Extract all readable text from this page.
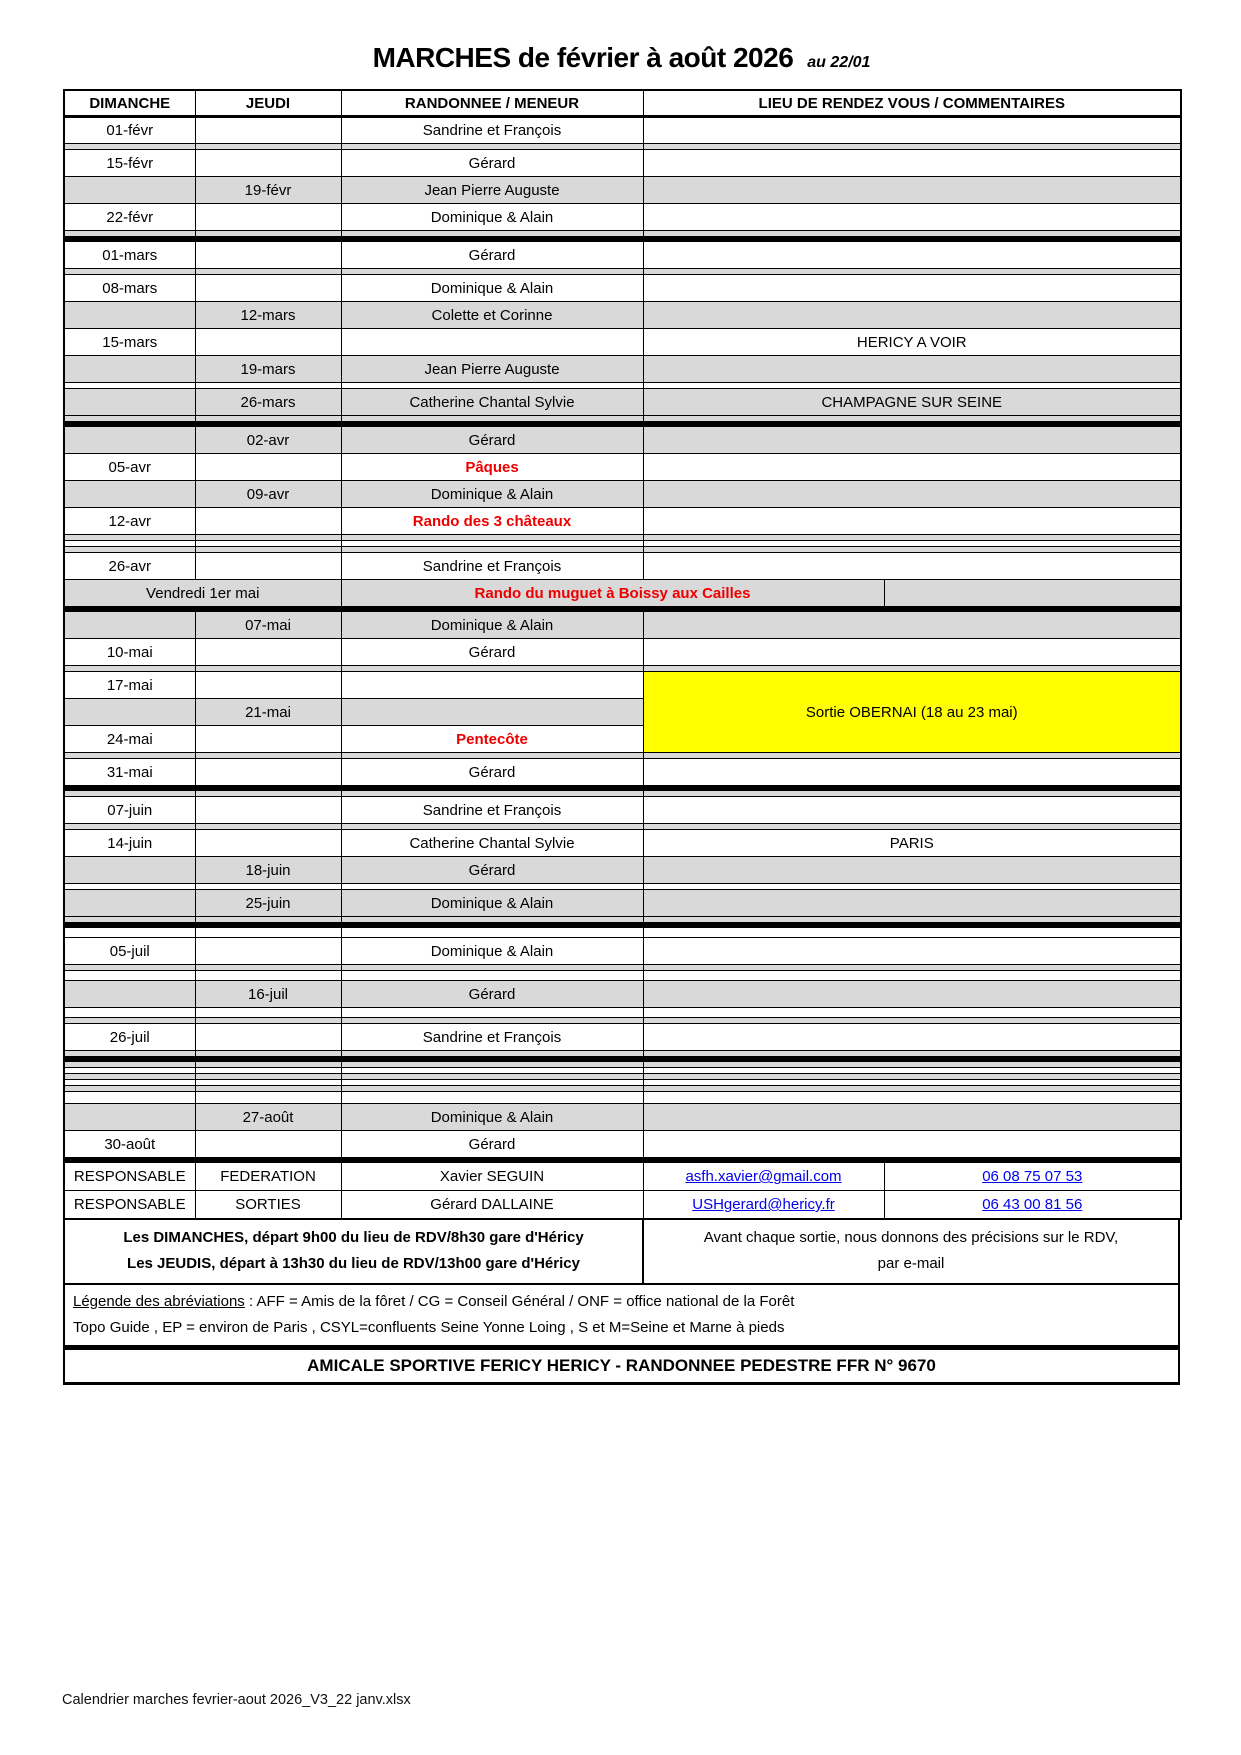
MARCHES de février à août 2026 au 22/01
DIMANCHE	JEUDI	RANDONNEE / MENEUR	LIEU DE RENDEZ VOUS / COMMENTAIRES	
01-févr		Sandrine et François		

15-févr		Gérard		
	19-févr	Jean Pierre Auguste		
22-févr		Dominique & Alain		

01-mars		Gérard		

08-mars		Dominique & Alain		
	12-mars	Colette et Corinne		
15-mars			HERICY A VOIR	
	19-mars	Jean Pierre Auguste		

	26-mars	Catherine Chantal Sylvie	CHAMPAGNE SUR SEINE	

	02-avr	Gérard		
05-avr		Pâques		
	09-avr	Dominique & Alain		
12-avr		Rando des 3 châteaux		

26-avr		Sandrine et François		
Vendredi 1er mai		Rando du muguet à Boissy aux Cailles		

	07-mai	Dominique & Alain		
10-mai		Gérard		

17-mai			Sortie OBERNAI (18 au 23 mai)	
	21-mai			
24-mai		Pentecôte		

31-mai		Gérard		

07-juin		Sandrine et François		

14-juin		Catherine Chantal Sylvie	PARIS	
	18-juin	Gérard		

	25-juin	Dominique & Alain		

05-juil		Dominique & Alain		

	16-juil	Gérard		

26-juil		Sandrine et François		

	27-août	Dominique & Alain		
30-août		Gérard		

RESPONSABLE	FEDERATION	Xavier SEGUIN	asfh.xavier@gmail.com	06 08 75 07 53
RESPONSABLE	SORTIES	Gérard DALLAINE	USHgerard@hericy.fr	06 43 00 81 56
Les DIMANCHES, départ 9h00 du lieu de RDV/8h30 gare d'Héricy
Les JEUDIS, départ à 13h30 du lieu de RDV/13h00 gare d'Héricy
Avant chaque sortie, nous donnons des précisions sur le RDV,
par e-mail
Légende des abréviations : AFF = Amis de la fôret / CG = Conseil Général / ONF = office national de la Forêt
Topo Guide , EP = environ de Paris , CSYL=confluents Seine Yonne Loing , S et M=Seine et Marne à pieds
AMICALE SPORTIVE FERICY HERICY - RANDONNEE PEDESTRE FFR N° 9670
Calendrier marches fevrier-aout 2026_V3_22 janv.xlsx
